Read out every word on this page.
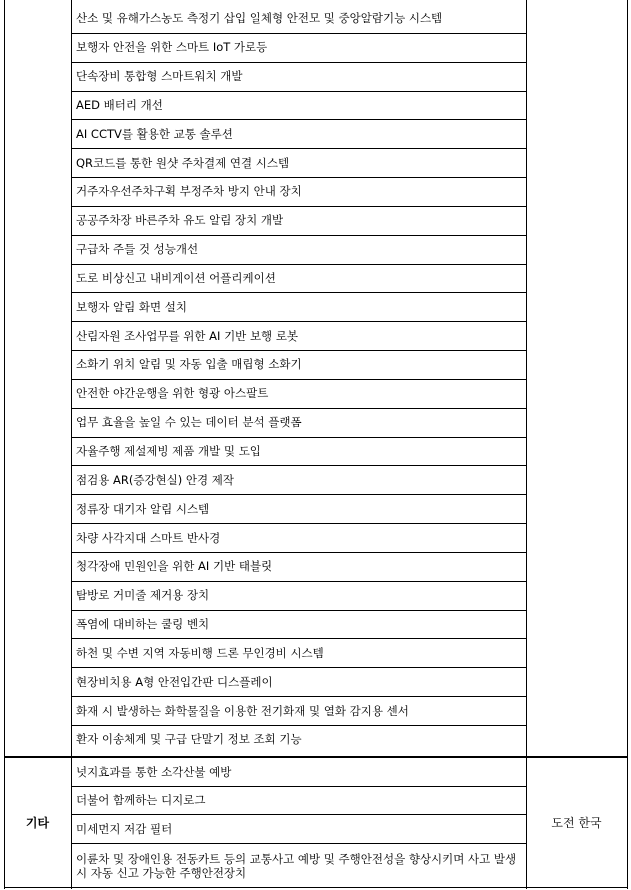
산소 및 유해가스농도 측정기 삽입 일체형 안전모 및 중앙알람기능 시스템
보행자 안전을 위한 스마트 IoT 가로등
단속장비 통합형 스마트워치 개발
AED 배터리 개선
AI CCTV를 활용한 교통 솔루션
QR코드를 통한 원샷 주차결제 연결 시스템
거주자우선주차구획 부정주차 방지 안내 장치
공공주차장 바른주차 유도 알림 장치 개발
구급차 주들 것 성능개선
도로 비상신고 내비게이션 어플리케이션
보행자 알림 화면 설치
산림자원 조사업무를 위한 AI 기반 보행 로봇
소화기 위치 알림 및 자동 입출 매립형 소화기
안전한 야간운행을 위한 형광 아스팔트
업무 효율을 높일 수 있는 데이터 분석 플랫폼
자율주행 제설제빙 제품 개발 및 도입
점검용 AR(증강현실) 안경 제작
정류장 대기자 알림 시스템
차량 사각지대 스마트 반사경
청각장애 민원인을 위한 AI 기반 태블릿
탐방로 거미줄 제거용 장치
폭염에 대비하는 쿨링 벤치
하천 및 수변 지역 자동비행 드론 무인경비 시스템
현장비치용 A형 안전입간판 디스플레이
화재 시 발생하는 화학물질을 이용한 전기화재 및 열화 감지용 센서
환자 이송체계 및 구급 단말기 정보 조회 기능
넛지효과를 통한 소각산불 예방
더불어 함께하는 디지로그
미세먼지 저감 필터
이륜차 및 장애인용 전동카트 등의 교통사고 예방 및 주행안전성을 향상시키며 사고 발생 시 자동 신고 가능한 주행안전장치
기타	도전 한국
